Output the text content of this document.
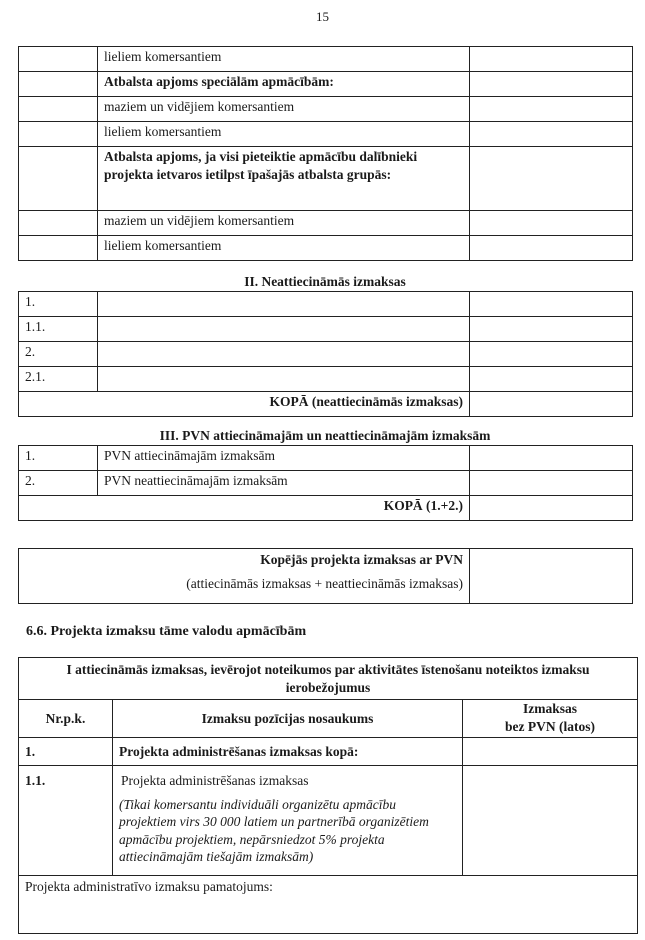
15
	lielie​m komersantiem	
	Atbalsta apjoms speciālām apmācībām:	
	maziem un vidējiem komersantiem	
	lieliem komersantiem	
	Atbalsta apjoms, ja visi pieteiktie apmācību dalībnieki projekta ietvaros ietilpst īpašajās atbalsta grupās:	
	maziem un vidējiem komersantiem	
	lieliem komersantiem	
II. Neattiecināmās izmaksas
1.		
1.1.		
2.		
2.1.		
KOPĀ (neattiecināmās izmaksas)		
III. PVN attiecināmajām un neattiecināmajām izmaksām
1.	PVN attiecināmajām izmaksām	
2.	PVN neattiecināmajām izmaksām	
KOPĀ (1.+2.)		
Kopējās projekta izmaksas ar PVN
(attiecināmās izmaksas + neattiecināmās izmaksas)

6.6. Projekta izmaksu tāme valodu apmācībām
I attiecināmās izmaksas, ievērojot noteikumos par aktivitātes īstenošanu noteiktos izmaksu ierobežojumus		
Nr.p.k.	Izmaksu pozīcijas nosaukums	Izmaksas
bez PVN (latos)

1.	Projekta administrēšanas izmaksas kopā:	
1.1.	Projekta administrēšanas izmaksas
(Tikai komersantu individuāli organizētu apmācību projektiem virs 30 000 latiem un partnerībā organizētiem apmācību projektiem, nepārsniedzot 5% projekta attiecināmajām tiešajām izmaksām)	

Projekta administratīvo izmaksu pamatojums:		
